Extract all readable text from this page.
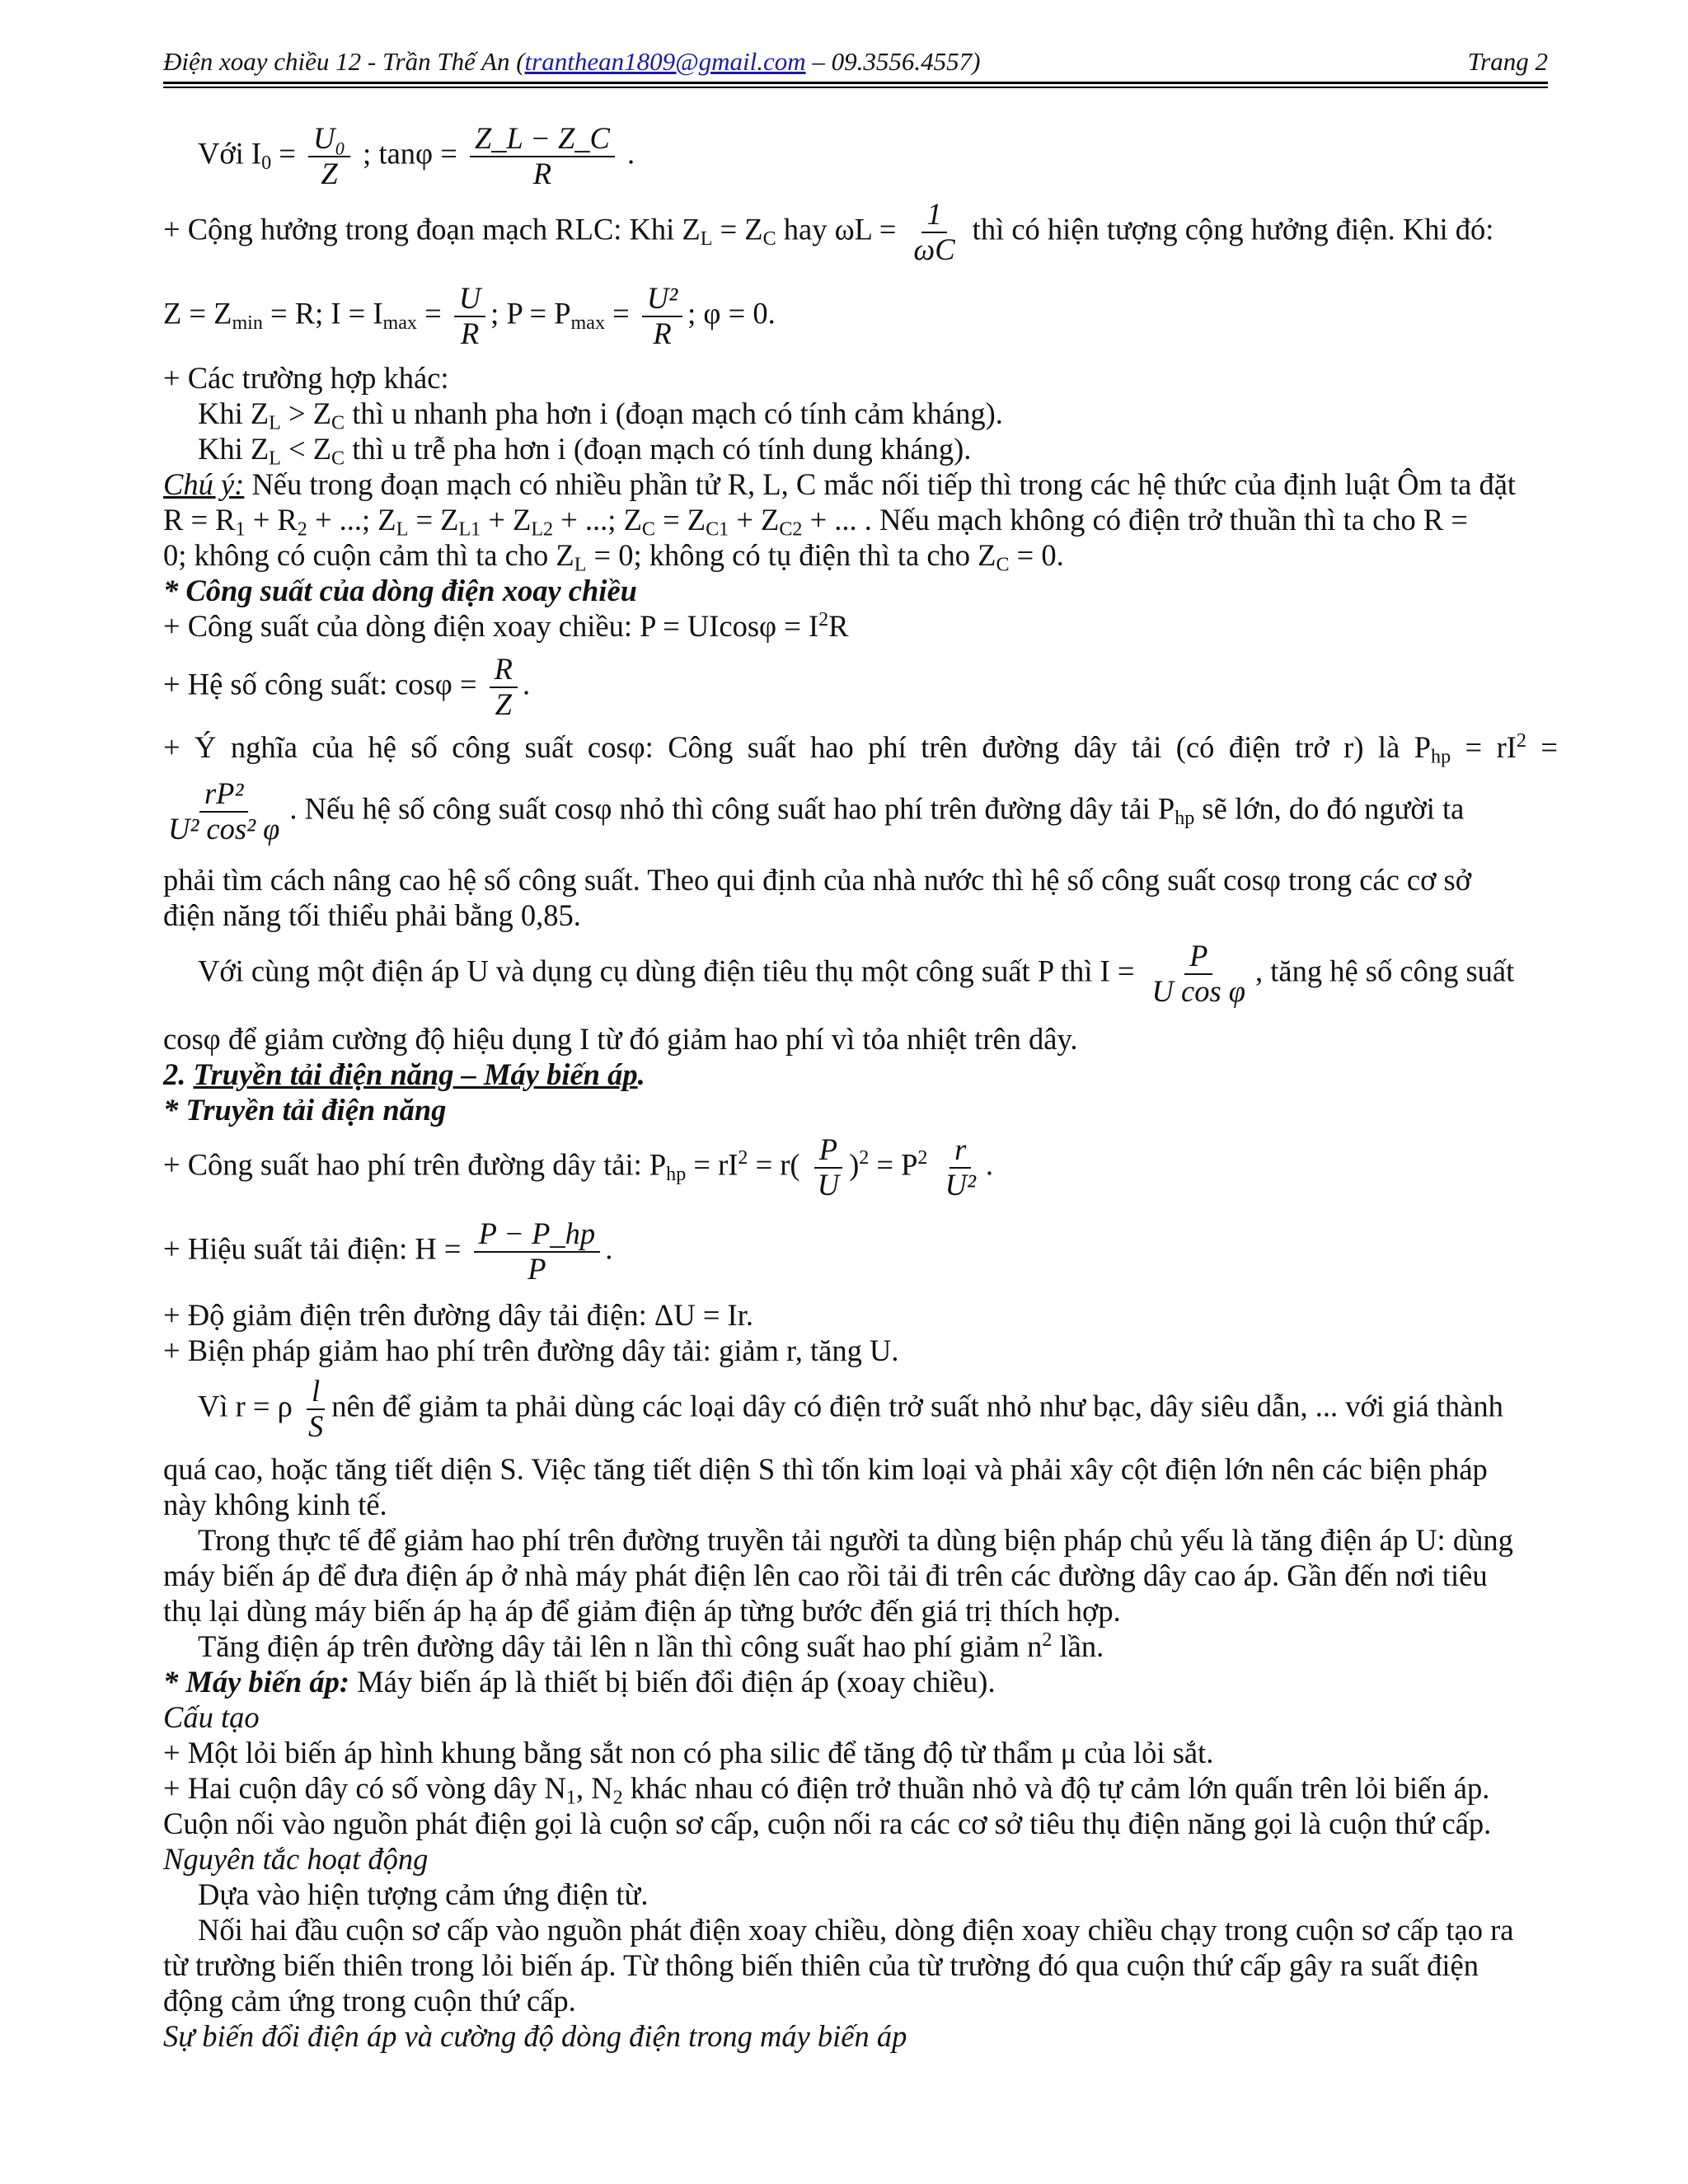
Điện xoay chiều 12 - Trần Thế An (tranthean1809@gmail.com – 09.3556.4557)	Trang 2
Với $I_0 = \frac{\text{U₀}}{Z}$ ; $\tan\varphi = \frac{Z\_L - Z\_C}{R}$ .
+ Cộng hưởng trong đoạn mạch RLC: Khi $Z_L = Z_C$ hay $\omega L = \frac{1}{\omega C}$ thì có hiện tượng cộng hưởng điện. Khi đó:
$Z = Z_{min} = R$; $I = I_{max} = \frac{U}{R}$ ; $P = P_{max} = \frac{\text{U²}}{R}$ ; φ = 0.
+ Các trường hợp khác:
Khi $Z_L > Z_C$ thì u nhanh pha hơn i (đoạn mạch có tính cảm kháng).
Khi $Z_L < Z_C$ thì u trễ pha hơn i (đoạn mạch có tính dung kháng).
Chú ý: Nếu trong đoạn mạch có nhiều phần tử R, L, C mắc nối tiếp thì trong các hệ thức của định luật Ôm ta đặt
$R = R_1 + R_2$ + ...; $Z_L = Z_{L1} + Z_{L2}$ + ...; $Z_C = Z_{C1} + Z_{C2}$ + ... . Nếu mạch không có điện trở thuần thì ta cho R =
0; không có cuộn cảm thì ta cho $Z_L = 0$; không có tụ điện thì ta cho $Z_C = 0$.
* Công suất của dòng điện xoay chiều
+ Công suất của dòng điện xoay chiều: $P = UIcos\varphi = I^2R$
+ Hệ số công suất: $\cos\varphi = \frac{R}{Z}$ .
+ Ý nghĩa của hệ số công suất cosφ: Công suất hao phí trên đường dây tải (có điện trở r) là $P_{hp} = rI^2$ =
$\frac{\text{rP²}}{\text{U² cos² φ}}$ . Nếu hệ số công suất cosφ nhỏ thì công suất hao phí trên đường dây tải $P_{hp}$ sẽ lớn, do đó người ta
phải tìm cách nâng cao hệ số công suất. Theo qui định của nhà nước thì hệ số công suất cosφ trong các cơ sở
điện năng tối thiểu phải bằng 0,85.
Với cùng một điện áp U và dụng cụ dùng điện tiêu thụ một công suất P thì $I = \frac{P}{\text{U cos φ}}$ , tăng hệ số công suất
cosφ để giảm cường độ hiệu dụng I từ đó giảm hao phí vì tỏa nhiệt trên dây.
2. Truyền tải điện năng – Máy biến áp.
* Truyền tải điện năng
+ Công suất hao phí trên đường dây tải: $P_{hp} = rI^2 = r( \frac{P}{U} )^2 = P^2 \frac{r}{\text{U²}}$ .
+ Hiệu suất tải điện: $H = \frac{P - P\_hp}{P}$ .
+ Độ giảm điện trên đường dây tải điện: ΔU = Ir.
+ Biện pháp giảm hao phí trên đường dây tải: giảm r, tăng U.
Vì r = ρ $\frac{l}{S}$ nên để giảm ta phải dùng các loại dây có điện trở suất nhỏ như bạc, dây siêu dẫn, ... với giá thành
quá cao, hoặc tăng tiết diện S. Việc tăng tiết diện S thì tốn kim loại và phải xây cột điện lớn nên các biện pháp
này không kinh tế.
Trong thực tế để giảm hao phí trên đường truyền tải người ta dùng biện pháp chủ yếu là tăng điện áp U: dùng
máy biến áp để đưa điện áp ở nhà máy phát điện lên cao rồi tải đi trên các đường dây cao áp. Gần đến nơi tiêu
thụ lại dùng máy biến áp hạ áp để giảm điện áp từng bước đến giá trị thích hợp.
Tăng điện áp trên đường dây tải lên n lần thì công suất hao phí giảm $n^2$ lần.
* Máy biến áp: Máy biến áp là thiết bị biến đổi điện áp (xoay chiều).
Cấu tạo
+ Một lỏi biến áp hình khung bằng sắt non có pha silic để tăng độ từ thẩm μ của lỏi sắt.
+ Hai cuộn dây có số vòng dây $N_1$, $N_2$ khác nhau có điện trở thuần nhỏ và độ tự cảm lớn quấn trên lỏi biến áp.
Cuộn nối vào nguồn phát điện gọi là cuộn sơ cấp, cuộn nối ra các cơ sở tiêu thụ điện năng gọi là cuộn thứ cấp.
Nguyên tắc hoạt động
Dựa vào hiện tượng cảm ứng điện từ.
Nối hai đầu cuộn sơ cấp vào nguồn phát điện xoay chiều, dòng điện xoay chiều chạy trong cuộn sơ cấp tạo ra
từ trường biến thiên trong lỏi biến áp. Từ thông biến thiên của từ trường đó qua cuộn thứ cấp gây ra suất điện
động cảm ứng trong cuộn thứ cấp.
Sự biến đổi điện áp và cường độ dòng điện trong máy biến áp
